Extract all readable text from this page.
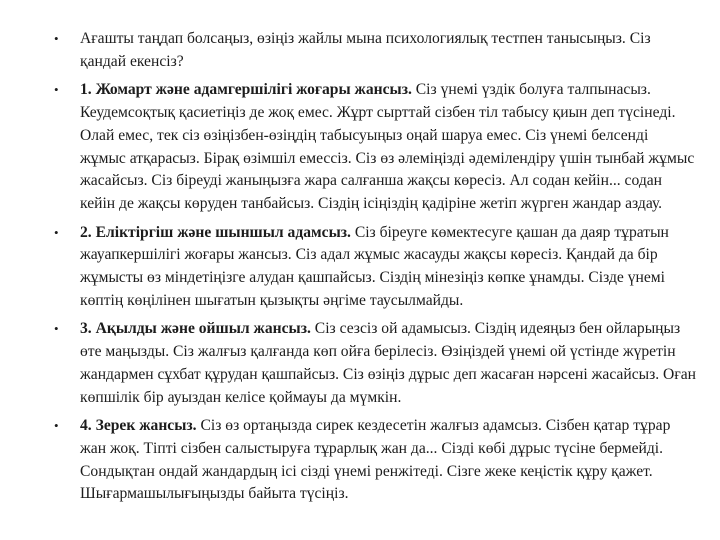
• Ағашты таңдап болсаңыз, өзіңіз жайлы мына психологиялық тестпен танысыңыз. Сіз қандай екенсіз?
• 1. Жомарт және адамгершілігі жоғары жансыз. Сіз үнемі үздік болуға талпынасыз. Кеудемсоқтық қасиетіңіз де жоқ емес. Жұрт сырттай сізбен тіл табысу қиын деп түсінеді. Олай емес, тек сіз өзіңізбен-өзіңдің табысуыңыз оңай шаруа емес. Сіз үнемі белсенді жұмыс атқарасыз. Бірақ өзімшіл емессіз. Сіз өз әлеміңізді әдемілендіру үшін тынбай жұмыс жасайсыз. Сіз біреуді жаныңызға жара салғанша жақсы көресіз. Ал содан кейін... содан кейін де жақсы көруден танбайсыз. Сіздің ісіңіздің қадіріне жетіп жүрген жандар аздау.
• 2. Еліктіргіш және шыншыл адамсыз. Сіз біреуге көмектесуге қашан да даяр тұратын жауапкершілігі жоғары жансыз. Сіз адал жұмыс жасауды жақсы көресіз. Қандай да бір жұмысты өз міндетіңізге алудан қашпайсыз. Сіздің мінезіңіз көпке ұнамды. Сізде үнемі көптің көңілінен шығатын қызықты әңгіме таусылмайды.
• 3. Ақылды және ойшыл жансыз. Сіз сезсіз ой адамысыз. Сіздің идеяңыз бен ойларыңыз өте маңызды. Сіз жалғыз қалғанда көп ойға берілесіз. Өзіңіздей үнемі ой үстінде жүретін жандармен сұхбат құрудан қашпайсыз. Сіз өзіңіз дұрыс деп жасаған нәрсені жасайсыз. Оған көпшілік бір ауыздан келісе қоймауы да мүмкін.
• 4. Зерек жансыз. Сіз өз ортаңызда сирек кездесетін жалғыз адамсыз. Сізбен қатар тұрар жан жоқ. Тіпті сізбен салыстыруға тұрарлық жан да... Сізді көбі дұрыс түсіне бермейді. Сондықтан ондай жандардың ісі сізді үнемі ренжітеді. Сізге жеке кеңістік құру қажет. Шығармашылығыңызды байыта түсіңіз.
